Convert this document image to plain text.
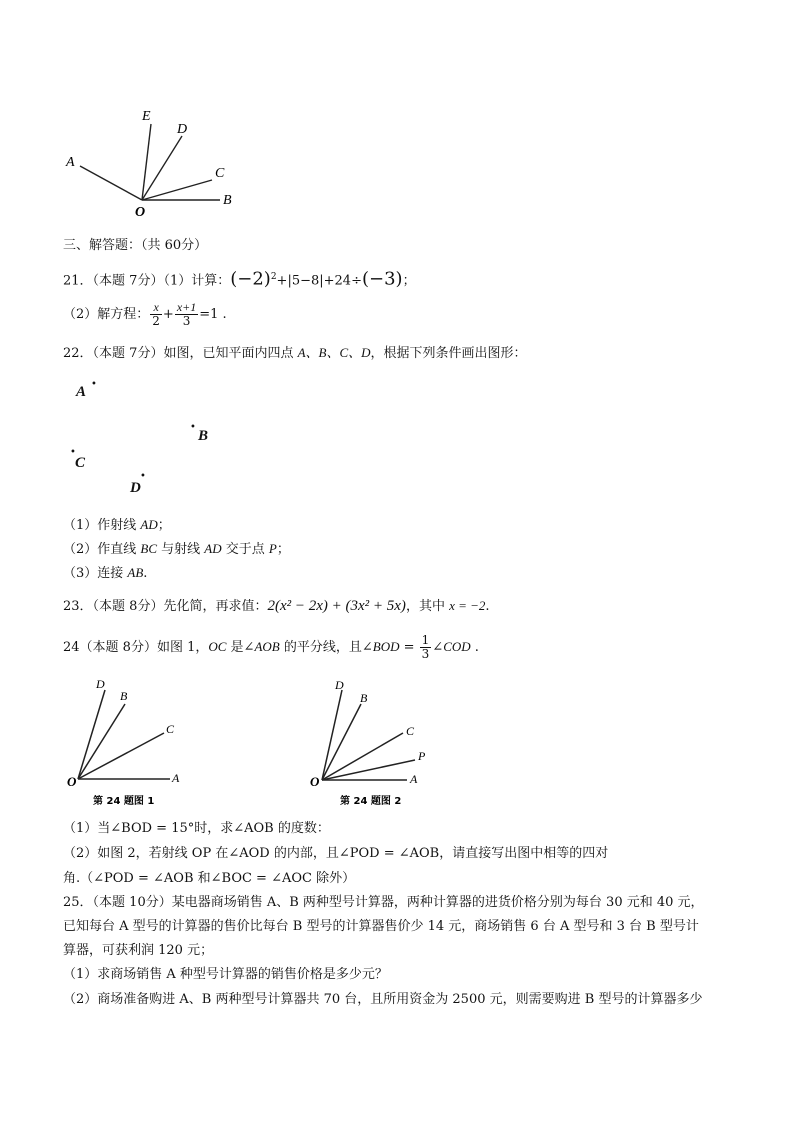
A
E
D
C
B
O
三、解答题：（共 60分）
21．（本题 7分）（1）计算：$(-2)^2+|5-8|+24\div(-3)$；
（2）解方程： $\frac{x}{2} + \frac{x+1}{3} =1$ .
22．（本题 7分）如图，已知平面内四点 A、B、C、D，根据下列条件画出图形：
•
A
•
B
•
C
•
D
（1）作射线 AD；
（2）作直线 BC 与射线 AD 交于点 P；
（3）连接 AB.
23．（本题 8分）先化简，再求值：2(x² − 2x) + (3x² + 5x)，其中 x = −2.
24（本题 8分）如图 1，OC 是∠AOB 的平分线，且∠BOD = $\frac{1}{3}$ ∠COD .
D
B
C
O	A
第 24 题图 1
D
B
C
P
O	A
第 24 题图 2
（1）当∠BOD = 15°时，求∠AOB 的度数：
（2）如图 2，若射线 OP 在∠AOD 的内部，且∠POD = ∠AOB，请直接写出图中相等的四对
角.（∠POD = ∠AOB 和∠BOC = ∠AOC 除外）
25．（本题 10分）某电器商场销售 A、B 两种型号计算器，两种计算器的进货价格分别为每台 30 元和 40 元，
已知每台 A 型号的计算器的售价比每台 B 型号的计算器售价少 14 元，商场销售 6 台 A 型号和 3 台 B 型号计
算器，可获利润 120 元；
（1）求商场销售 A 种型号计算器的销售价格是多少元？
（2）商场准备购进 A、B 两种型号计算器共 70 台，且所用资金为 2500 元，则需要购进 B 型号的计算器多少
